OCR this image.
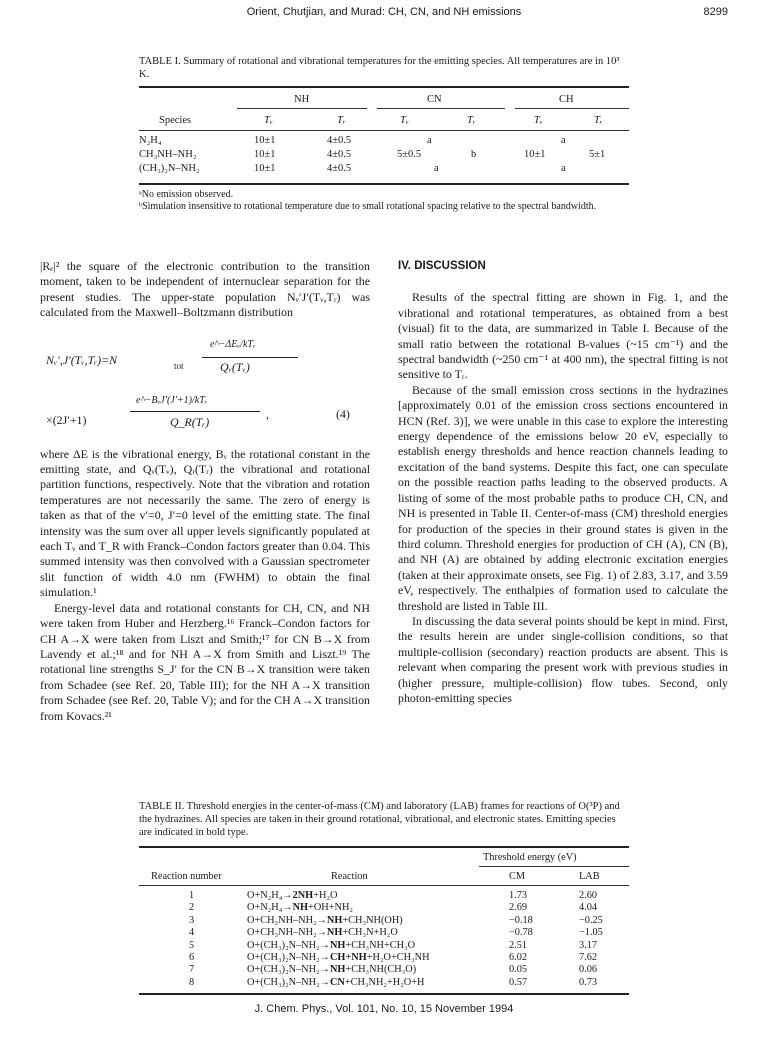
Orient, Chutjian, and Murad: CH, CN, and NH emissions	8299
TABLE I. Summary of rotational and vibrational temperatures for the emitting species. All temperatures are in 10³ K.
NH	CN	CH
Species	Tᵥ	Tᵣ	Tᵥ	Tᵣ	Tᵥ	Tᵣ
N₂H₄	10±1	4±0.5	a	a
CH₃NH–NH₂	10±1	4±0.5	5±0.5	b	10±1	5±1
(CH₃)₂N–NH₂	10±1	4±0.5	a	a
ᵃNo emission observed.
ᵇSimulation insensitive to rotational temperature due to small rotational spacing relative to the spectral bandwidth.

|Rₑ|² the square of the electronic contribution to the transition moment, taken to be independent of internuclear separation for the present studies. The upper-state population Nᵥ′J′(Tᵥ,Tᵣ) was calculated from the Maxwell–Boltzmann distribution

Nᵥ′,J′(Tᵥ,Tᵣ)=N	tot
e^−ΔEᵥ/kTᵥ
Qᵥ(Tᵥ)
×(2J′+1)
e^−BᵥJ′(J′+1)/kTᵣ
Q_R(Tᵣ)
,	(4)

where ΔE is the vibrational energy, Bᵥ the rotational constant in the emitting state, and Qᵥ(Tᵥ), Qᵣ(Tᵣ) the vibrational and rotational partition functions, respectively. Note that the vibration and rotation temperatures are not necessarily the same. The zero of energy is taken as that of the v′=0, J′=0 level of the emitting state. The final intensity was the sum over all upper levels significantly populated at each Tᵥ and T_R with Franck–Condon factors greater than 0.04. This summed intensity was then convolved with a Gaussian spectrometer slit function of width 4.0 nm (FWHM) to obtain the final simulation.¹

Energy-level data and rotational constants for CH, CN, and NH were taken from Huber and Herzberg.¹⁶ Franck–Condon factors for CH A→X were taken from Liszt and Smith;¹⁷ for CN B→X from Lavendy et al.;¹⁸ and for NH A→X from Smith and Liszt.¹⁹ The rotational line strengths S_J′ for the CN B→X transition were taken from Schadee (see Ref. 20, Table III); for the NH A→X transition from Schadee (see Ref. 20, Table V); and for the CH A→X transition from Kovacs.²¹

IV. DISCUSSION

Results of the spectral fitting are shown in Fig. 1, and the vibrational and rotational temperatures, as obtained from a best (visual) fit to the data, are summarized in Table I. Because of the small ratio between the rotational B-values (~15 cm⁻¹) and the spectral bandwidth (~250 cm⁻¹ at 400 nm), the spectral fitting is not sensitive to Tᵣ.

Because of the small emission cross sections in the hydrazines [approximately 0.01 of the emission cross sections encountered in HCN (Ref. 3)], we were unable in this case to explore the interesting energy dependence of the emissions below 20 eV, especially to establish energy thresholds and hence reaction channels leading to excitation of the band systems. Despite this fact, one can speculate on the possible reaction paths leading to the observed products. A listing of some of the most probable paths to produce CH, CN, and NH is presented in Table II. Center-of-mass (CM) threshold energies for production of the species in their ground states is given in the third column. Threshold energies for production of CH (A), CN (B), and NH (A) are obtained by adding electronic excitation energies (taken at their approximate onsets, see Fig. 1) of 2.83, 3.17, and 3.59 eV, respectively. The enthalpies of formation used to calculate the threshold are listed in Table III.

In discussing the data several points should be kept in mind. First, the results herein are under single-collision conditions, so that multiple-collision (secondary) reaction products are absent. This is relevant when comparing the present work with previous studies in (higher pressure, multiple-collision) flow tubes. Second, only photon-emitting species

TABLE II. Threshold energies in the center-of-mass (CM) and laboratory (LAB) frames for reactions of O(³P) and the hydrazines. All species are taken in their ground rotational, vibrational, and electronic states. Emitting species are indicated in bold type.
Threshold energy (eV)
Reaction number	Reaction	CM	LAB
1	O+N₂H₄→2NH+H₂O	1.73	2.60
2	O+N₂H₄→NH+OH+NH₂	2.69	4.04
3	O+CH₃NH–NH₂→NH+CH₃NH(OH)	−0.18	−0.25
4	O+CH₃NH–NH₂→NH+CH₃N+H₂O	−0.78	−1.05
5	O+(CH₃)₂N–NH₂→NH+CH₃NH+CH₃O	2.51	3.17
6	O+(CH₃)₂N–NH₂→CH+NH+H₂O+CH₃NH	6.02	7.62
7	O+(CH₃)₂N–NH₂→NH+CH₃NH(CH₃O)	0.05	0.06
8	O+(CH₃)₂N–NH₂→CN+CH₃NH₂+H₂O+H	0.57	0.73
J. Chem. Phys., Vol. 101, No. 10, 15 November 1994
